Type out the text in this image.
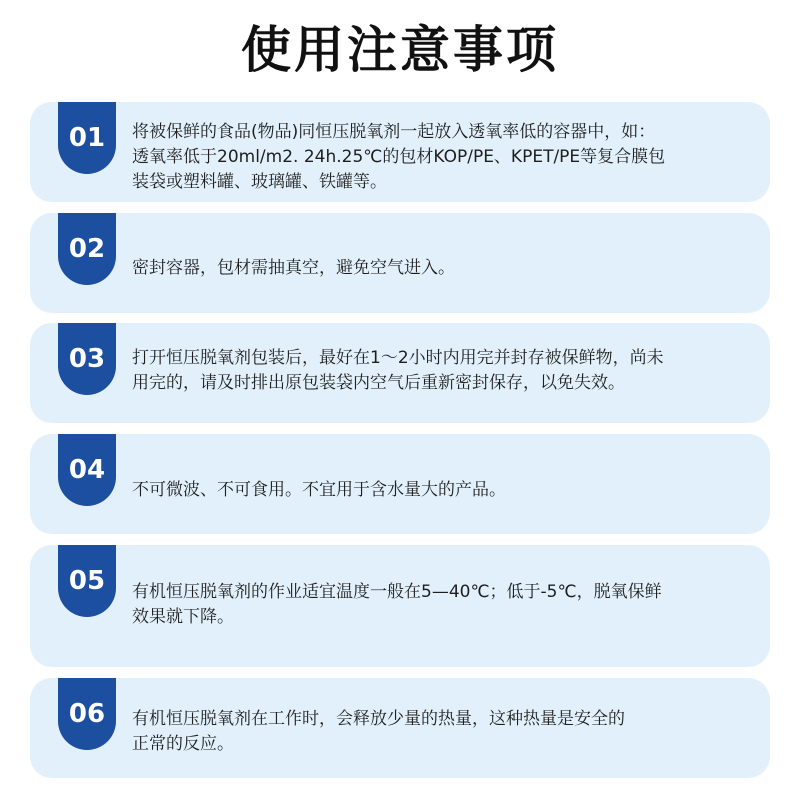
使用注意事项
01 将被保鲜的食品(物品)同恒压脱氧剂一起放入透氧率低的容器中，如：
透氧率低于20ml/m2. 24h.25℃的包材KOP/PE、KPET/PE等复合膜包
装袋或塑料罐、玻璃罐、铁罐等。
02
密封容器，包材需抽真空，避免空气进入。
03 打开恒压脱氧剂包装后，最好在1～2小时内用完并封存被保鲜物，尚未
用完的，请及时排出原包装袋内空气后重新密封保存，以免失效。
04
不可微波、不可食用。不宜用于含水量大的产品。
05 有机恒压脱氧剂的作业适宜温度一般在5—40℃；低于-5℃，脱氧保鲜
效果就下降。
06 有机恒压脱氧剂在工作时，会释放少量的热量，这种热量是安全的
正常的反应。
